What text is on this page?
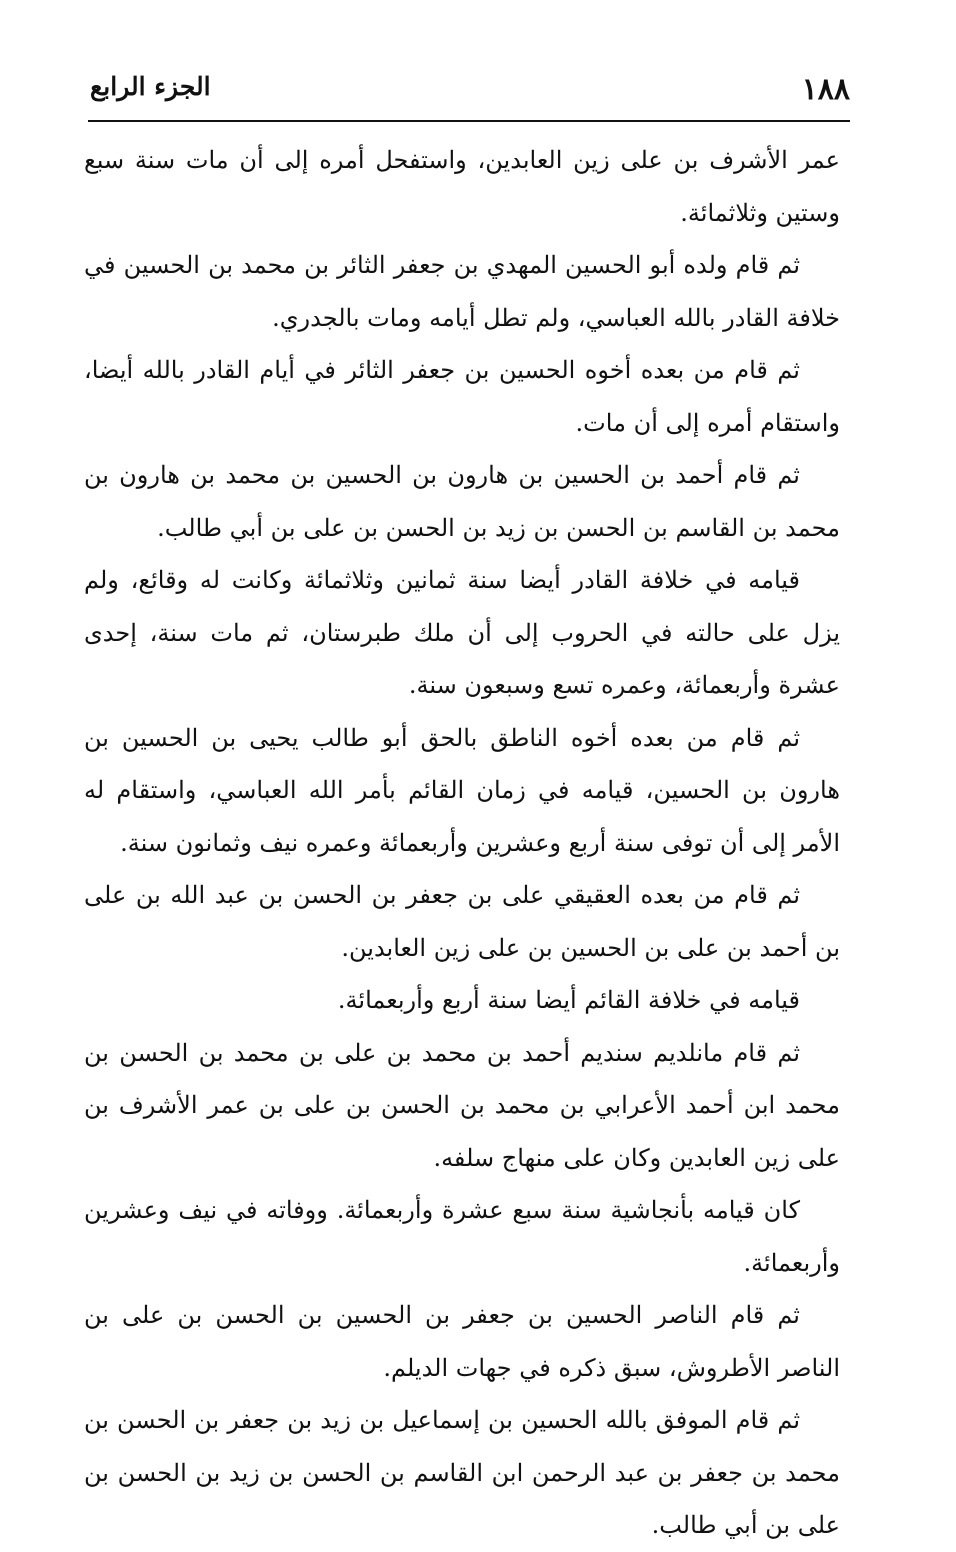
١٨٨
الجزء الرابع

عمر الأشرف بن على زين العابدين، واستفحل أمره إلى أن مات سنة سبع وستين وثلاثمائة.

ثم قام ولده أبو الحسين المهدي بن جعفر الثائر بن محمد بن الحسين في خلافة القادر بالله العباسي، ولم تطل أيامه ومات بالجدري.

ثم قام من بعده أخوه الحسين بن جعفر الثائر في أيام القادر بالله أيضا، واستقام أمره إلى أن مات.

ثم قام أحمد بن الحسين بن هارون بن الحسين بن محمد بن هارون بن محمد بن القاسم بن الحسن بن زيد بن الحسن بن على بن أبي طالب.

قيامه في خلافة القادر أيضا سنة ثمانين وثلاثمائة وكانت له وقائع، ولم يزل على حالته في الحروب إلى أن ملك طبرستان، ثم مات سنة، إحدى عشرة وأربعمائة، وعمره تسع وسبعون سنة.

ثم قام من بعده أخوه الناطق بالحق أبو طالب يحيى بن الحسين بن هارون بن الحسين، قيامه في زمان القائم بأمر الله العباسي، واستقام له الأمر إلى أن توفى سنة أربع وعشرين وأربعمائة وعمره نيف وثمانون سنة.

ثم قام من بعده العقيقي على بن جعفر بن الحسن بن عبد الله بن على بن أحمد بن على بن الحسين بن على زين العابدين.

قيامه في خلافة القائم أيضا سنة أربع وأربعمائة.

ثم قام مانلديم سنديم أحمد بن محمد بن على بن محمد بن الحسن بن محمد ابن أحمد الأعرابي بن محمد بن الحسن بن على بن عمر الأشرف بن على زين العابدين وكان على منهاج سلفه.

كان قيامه بأنجاشية سنة سبع عشرة وأربعمائة. ووفاته في نيف وعشرين وأربعمائة.

ثم قام الناصر الحسين بن جعفر بن الحسين بن الحسن بن على بن الناصر الأطروش، سبق ذكره في جهات الديلم.

ثم قام الموفق بالله الحسين بن إسماعيل بن زيد بن جعفر بن الحسن بن محمد بن جعفر بن عبد الرحمن ابن القاسم بن الحسن بن زيد بن الحسن بن على بن أبي طالب.
